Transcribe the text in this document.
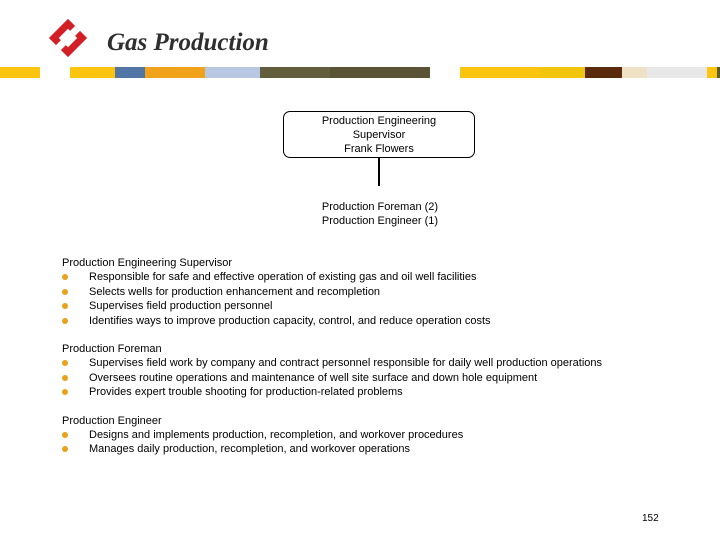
Gas Production
Production Engineering
Supervisor
Frank Flowers
Production Foreman (2)
Production Engineer (1)
Production Engineering Supervisor
Responsible for safe and effective operation of existing gas and oil well facilities
Selects wells for production enhancement and recompletion
Supervises field production personnel
Identifies ways to improve production capacity, control, and reduce operation costs
Production Foreman
Supervises field work by company and contract personnel responsible for daily well production operations
Oversees routine operations and maintenance of well site surface and down hole equipment
Provides expert trouble shooting for production-related problems
Production Engineer
Designs and implements production, recompletion, and workover procedures
Manages daily production, recompletion, and workover operations
152
